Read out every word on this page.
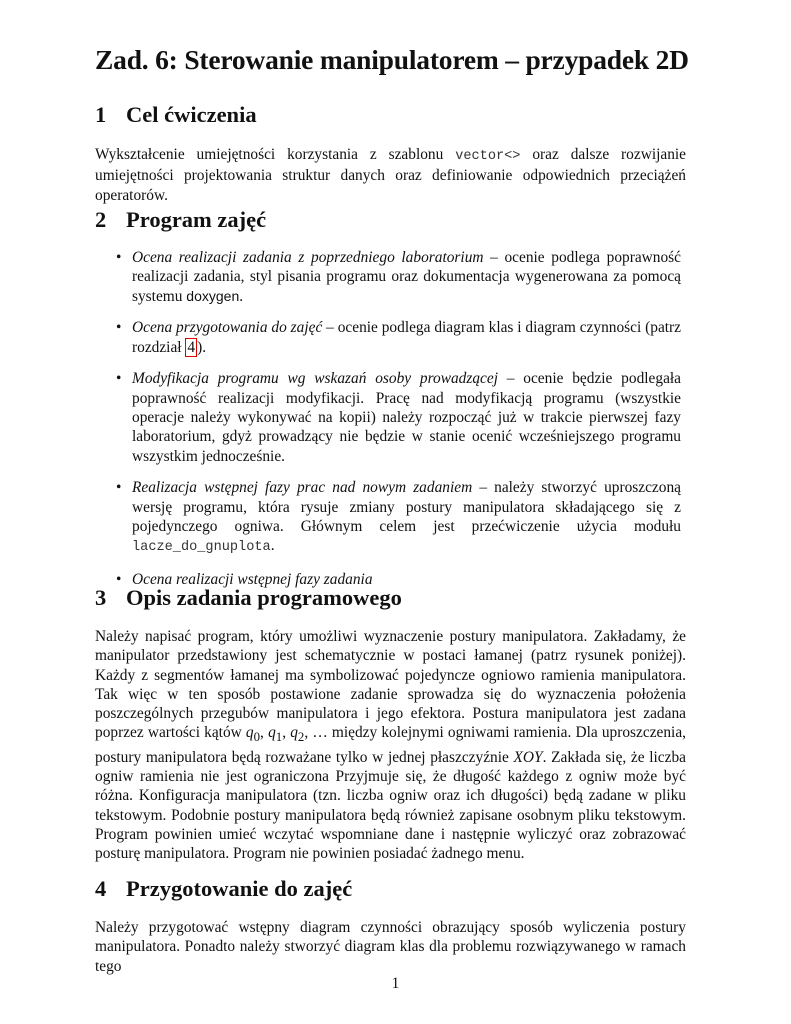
Zad. 6: Sterowanie manipulatorem – przypadek 2D
1 Cel ćwiczenia

Wykształcenie umiejętności korzystania z szablonu vector<> oraz dalsze rozwijanie umiejętności projektowania struktur danych oraz definiowanie odpowiednich przeciążeń operatorów.

2 Program zajęć
• Ocena realizacji zadania z poprzedniego laboratorium – ocenie podlega poprawność realizacji zadania, styl pisania programu oraz dokumentacja wygenerowana za pomocą systemu doxygen.
• Ocena przygotowania do zajęć – ocenie podlega diagram klas i diagram czynności (patrz rozdział 4 ).
• Modyfikacja programu wg wskazań osoby prowadzącej – ocenie będzie podlegała poprawność realizacji modyfikacji. Pracę nad modyfikacją programu (wszystkie operacje należy wykonywać na kopii) należy rozpocząć już w trakcie pierwszej fazy laboratorium, gdyż prowadzący nie będzie w stanie ocenić wcześniejszego programu wszystkim jednocześnie.
• Realizacja wstępnej fazy prac nad nowym zadaniem – należy stworzyć uproszczoną wersję programu, która rysuje zmiany postury manipulatora składającego się z pojedynczego ogniwa. Głównym celem jest przećwiczenie użycia modułu lacze_do_gnuplota.
• Ocena realizacji wstępnej fazy zadania
3 Opis zadania programowego

Należy napisać program, który umożliwi wyznaczenie postury manipulatora. Zakładamy, że manipulator przedstawiony jest schematycznie w postaci łamanej (patrz rysunek poniżej). Każdy z segmentów łamanej ma symbolizować pojedyncze ogniowo ramienia manipulatora. Tak więc w ten sposób postawione zadanie sprowadza się do wyznaczenia położenia poszczególnych przegubów manipulatora i jego efektora. Postura manipulatora jest zadana poprzez wartości kątów $q_0$, $q_1$, $q_2$, … między kolejnymi ogniwami ramienia. Dla uproszczenia, postury manipulatora będą rozważane tylko w jednej płaszczyźnie XOY. Zakłada się, że liczba ogniw ramienia nie jest ograniczona Przyjmuje się, że długość każdego z ogniw może być różna. Konfiguracja manipulatora (tzn. liczba ogniw oraz ich długości) będą zadane w pliku tekstowym. Podobnie postury manipulatora będą również zapisane osobnym pliku tekstowym. Program powinien umieć wczytać wspomniane dane i następnie wyliczyć oraz zobrazować posturę manipulatora. Program nie powinien posiadać żadnego menu.

4 Przygotowanie do zajęć

Należy przygotować wstępny diagram czynności obrazujący sposób wyliczenia postury manipulatora. Ponadto należy stworzyć diagram klas dla problemu rozwiązywanego w ramach tego

1
